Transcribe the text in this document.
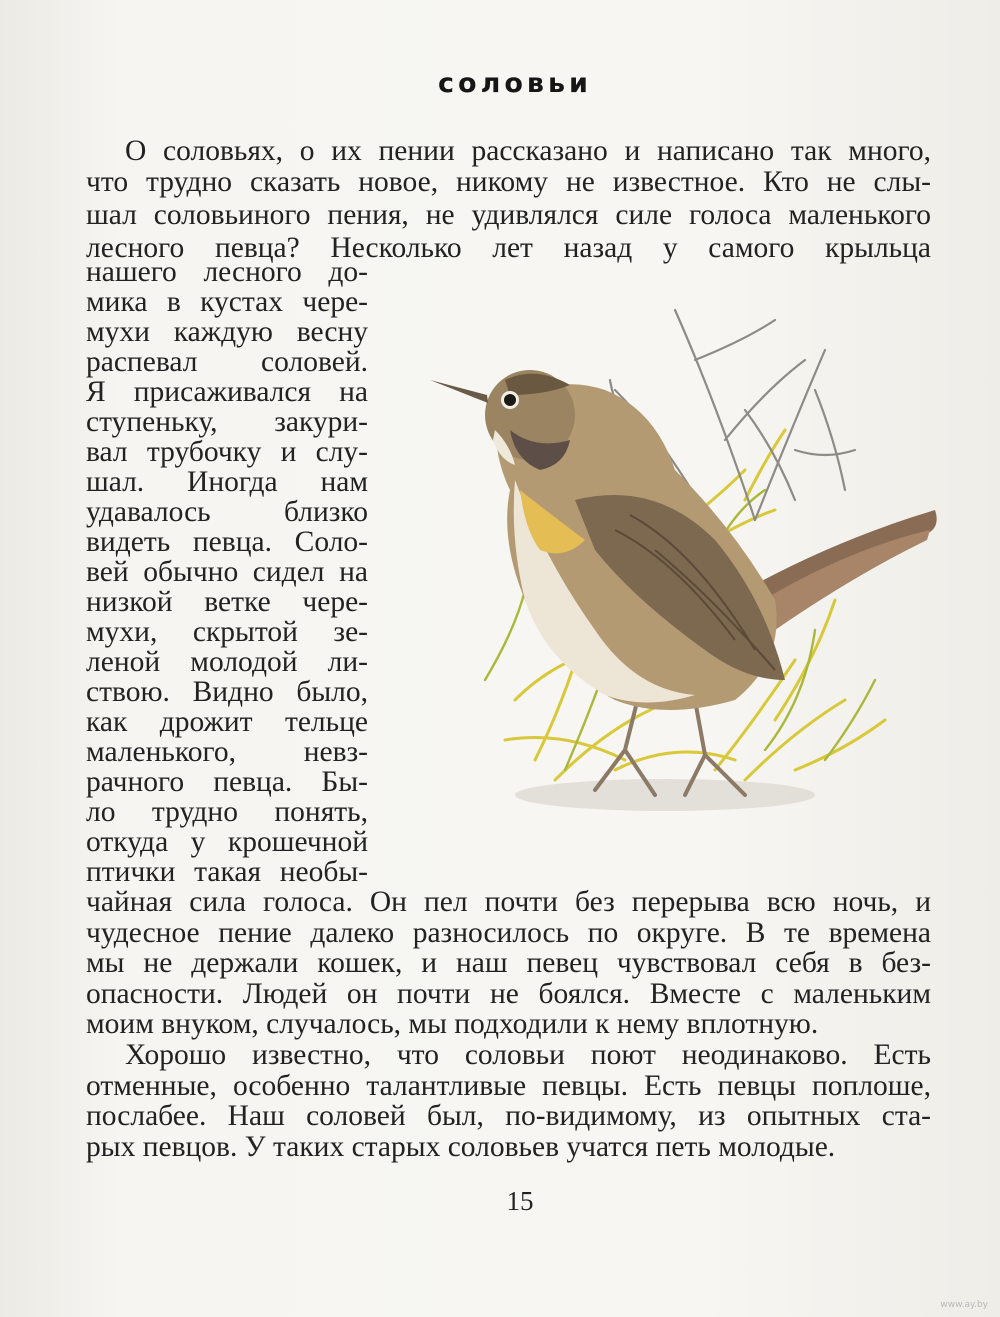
соловьи
О соловьях, о их пении рассказано и написано так много,
что трудно сказать новое, никому не известное. Кто не слы-
шал соловьиного пения, не удивлялся силе голоса маленького
лесного певца? Несколько лет назад у самого крыльца
нашего лесного до-
мика в кустах чере-
мухи каждую весну
распевал соловей.
Я присаживался на
ступеньку, закури-
вал трубочку и слу-
шал. Иногда нам
удавалось близко
видеть певца. Соло-
вей обычно сидел на
низкой ветке чере-
мухи, скрытой зе-
леной молодой ли-
ствою. Видно было,
как дрожит тельце
маленького, невз-
рачного певца. Бы-
ло трудно понять,
откуда у крошечной
птички такая необы-
чайная сила голоса. Он пел почти без перерыва всю ночь, и
чудесное пение далеко разносилось по округе. В те времена
мы не держали кошек, и наш певец чувствовал себя в без-
опасности. Людей он почти не боялся. Вместе с маленьким
моим внуком, случалось, мы подходили к нему вплотную.
Хорошо известно, что соловьи поют неодинаково. Есть
отменные, особенно талантливые певцы. Есть певцы поплоше,
послабее. Наш соловей был, по-видимому, из опытных ста-
рых певцов. У таких старых соловьев учатся петь молодые.
15
www.ay.by
